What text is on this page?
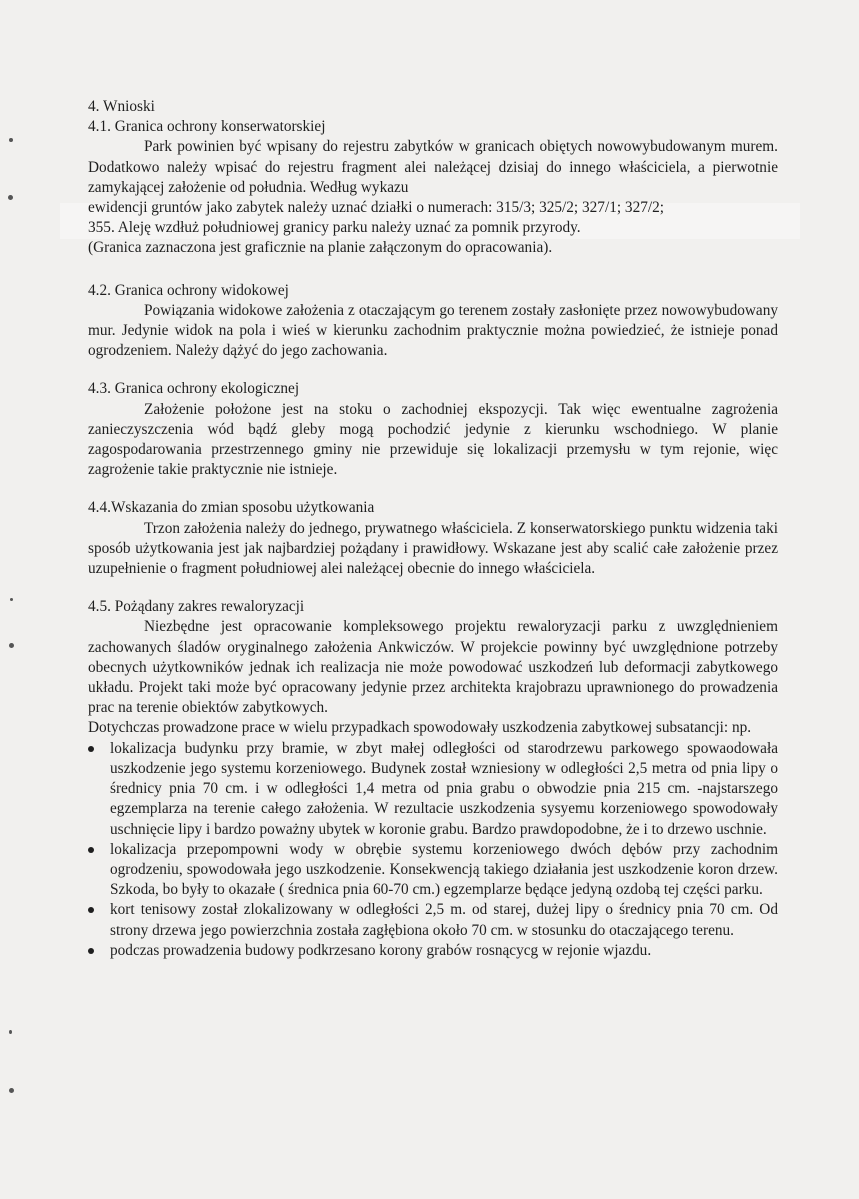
4. Wnioski

4.1. Granica ochrony konserwatorskiej

Park powinien być wpisany do rejestru zabytków w granicach obiętych nowowybudowanym murem. Dodatkowo należy wpisać do rejestru fragment alei należącej dzisiaj do innego właściciela, a pierwotnie zamykającej założenie od południa. Według wykazu

ewidencji gruntów jako zabytek należy uznać działki o numerach: 315/3; 325/2; 327/1; 327/2;

355. Aleję wzdłuż południowej granicy parku należy uznać za pomnik przyrody.

(Granica zaznaczona jest graficznie na planie załączonym do opracowania).

4.2. Granica ochrony widokowej

Powiązania widokowe założenia z otaczającym go terenem zostały zasłonięte przez nowowybudowany mur. Jedynie widok na pola i wieś w kierunku zachodnim praktycznie można powiedzieć, że istnieje ponad ogrodzeniem. Należy dążyć do jego zachowania.

4.3. Granica ochrony ekologicznej

Założenie położone jest na stoku o zachodniej ekspozycji. Tak więc ewentualne zagrożenia zanieczyszczenia wód bądź gleby mogą pochodzić jedynie z kierunku wschodniego. W planie zagospodarowania przestrzennego gminy nie przewiduje się lokalizacji przemysłu w tym rejonie, więc zagrożenie takie praktycznie nie istnieje.

4.4.Wskazania do zmian sposobu użytkowania

Trzon założenia należy do jednego, prywatnego właściciela. Z konserwatorskiego punktu widzenia taki sposób użytkowania jest jak najbardziej pożądany i prawidłowy. Wskazane jest aby scalić całe założenie przez uzupełnienie o fragment południowej alei należącej obecnie do innego właściciela.

4.5. Pożądany zakres rewaloryzacji

Niezbędne jest opracowanie kompleksowego projektu rewaloryzacji parku z uwzględnieniem zachowanych śladów oryginalnego założenia Ankwiczów. W projekcie powinny być uwzględnione potrzeby obecnych użytkowników jednak ich realizacja nie może powodować uszkodzeń lub deformacji zabytkowego układu. Projekt taki może być opracowany jedynie przez architekta krajobrazu uprawnionego do prowadzenia prac na terenie obiektów zabytkowych.

Dotychczas prowadzone prace w wielu przypadkach spowodowały uszkodzenia zabytkowej subsatancji: np.

lokalizacja budynku przy bramie, w zbyt małej odległości od starodrzewu parkowego spowaodowała uszkodzenie jego systemu korzeniowego. Budynek został wzniesiony w odległości 2,5 metra od pnia lipy o średnicy pnia 70 cm. i w odległości 1,4 metra od pnia grabu o obwodzie pnia 215 cm. -najstarszego egzemplarza na terenie całego założenia. W rezultacie uszkodzenia sysyemu korzeniowego spowodowały uschnięcie lipy i bardzo poważny ubytek w koronie grabu. Bardzo prawdopodobne, że i to drzewo uschnie.
lokalizacja przepompowni wody w obrębie systemu korzeniowego dwóch dębów przy zachodnim ogrodzeniu, spowodowała jego uszkodzenie. Konsekwencją takiego działania jest uszkodzenie koron drzew. Szkoda, bo były to okazałe ( średnica pnia 60-70 cm.) egzemplarze będące jedyną ozdobą tej części parku.
kort tenisowy został zlokalizowany w odległości 2,5 m. od starej, dużej lipy o średnicy pnia 70 cm. Od strony drzewa jego powierzchnia została zagłębiona około 70 cm. w stosunku do otaczającego terenu.
podczas prowadzenia budowy podkrzesano korony grabów rosnącycg w rejonie wjazdu.
